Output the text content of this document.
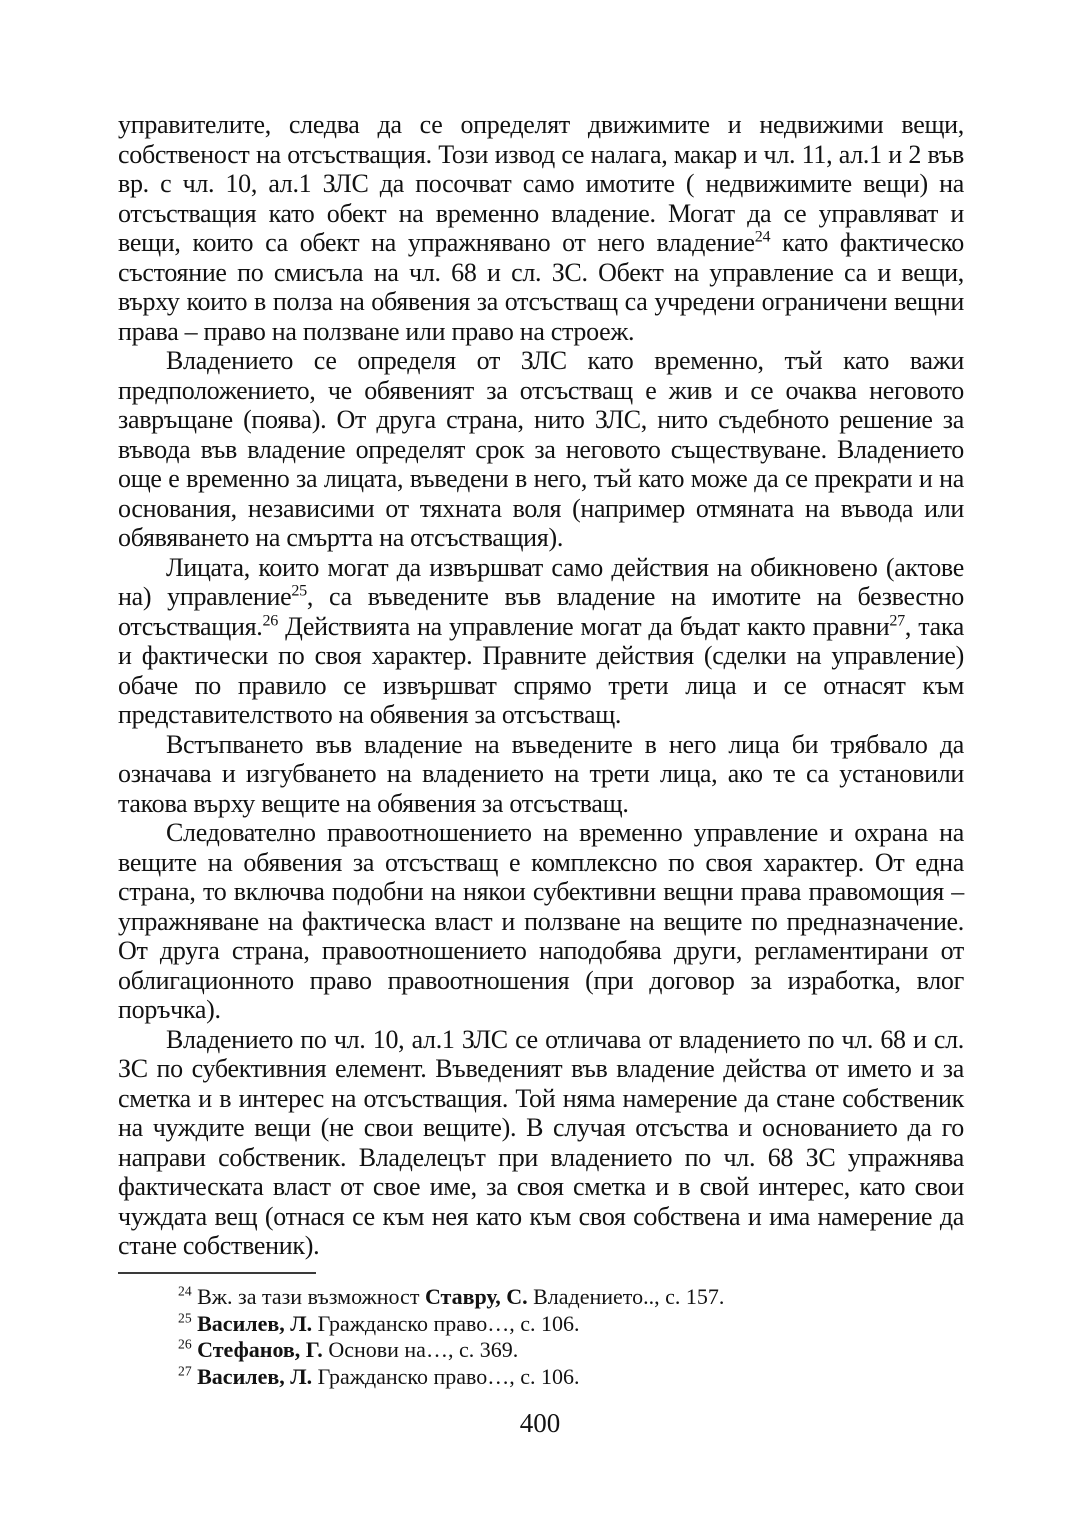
управителите, следва да се определят движимите и недвижими вещи, собственост на отсъстващия. Този извод се налага, макар и чл. 11, ал.1 и 2 във вр. с чл. 10, ал.1 ЗЛС да посочват само имотите ( недвижимите вещи) на отсъстващия като обект на временно владение. Могат да се управляват и вещи, които са обект на упражнявано от него владение$^{24}$ като фактическо състояние по смисъла на чл. 68 и сл. ЗС. Обект на управление са и вещи, върху които в полза на обявения за отсъстващ са учредени ограничени вещни права – право на ползване или право на строеж.

Владението се определя от ЗЛС като временно, тъй като важи предположението, че обявеният за отсъстващ е жив и се очаква неговото завръщане (поява). От друга страна, нито ЗЛС, нито съдебното решение за въвода във владение определят срок за неговото съществуване. Владението още е временно за лицата, въведени в него, тъй като може да се прекрати и на основания, независими от тяхната воля (например отмяната на въвода или обявяването на смъртта на отсъстващия).

Лицата, които могат да извършват само действия на обикновено (актове на) управление$^{25}$, са въведените във владение на имотите на безвестно отсъстващия.$^{26}$ Действията на управление могат да бъдат както правни$^{27}$, така и фактически по своя характер. Правните действия (сделки на управление) обаче по правило се извършват спрямо трети лица и се отнасят към представителството на обявения за отсъстващ.

Встъпването във владение на въведените в него лица би трябвало да означава и изгубването на владението на трети лица, ако те са установили такова върху вещите на обявения за отсъстващ.

Следователно правоотношението на временно управление и охрана на вещите на обявения за отсъстващ е комплексно по своя характер. От една страна, то включва подобни на някои субективни вещни права правомощия – упражняване на фактическа власт и ползване на вещите по предназначение. От друга страна, правоотношението наподобява други, регламентирани от облигационното право правоотношения (при договор за изработка, влог поръчка).

Владението по чл. 10, ал.1 ЗЛС се отличава от владението по чл. 68 и сл. ЗС по субективния елемент. Въведеният във владение действа от името и за сметка и в интерес на отсъстващия. Той няма намерение да стане собственик на чуждите вещи (не свои вещите). В случая отсъства и основанието да го направи собственик. Владелецът при владението по чл. 68 ЗС упражнява фактическата власт от свое име, за своя сметка и в свой интерес, като свои чуждата вещ (отнася се към нея като към своя собствена и има намерение да стане собственик).

$^{24}$ Вж. за тази възможност Ставру, С. Владението.., с. 157.

$^{25}$ Василев, Л. Гражданско право…, с. 106.

$^{26}$ Стефанов, Г. Основи на…, с. 369.

$^{27}$ Василев, Л. Гражданско право…, с. 106.

400
